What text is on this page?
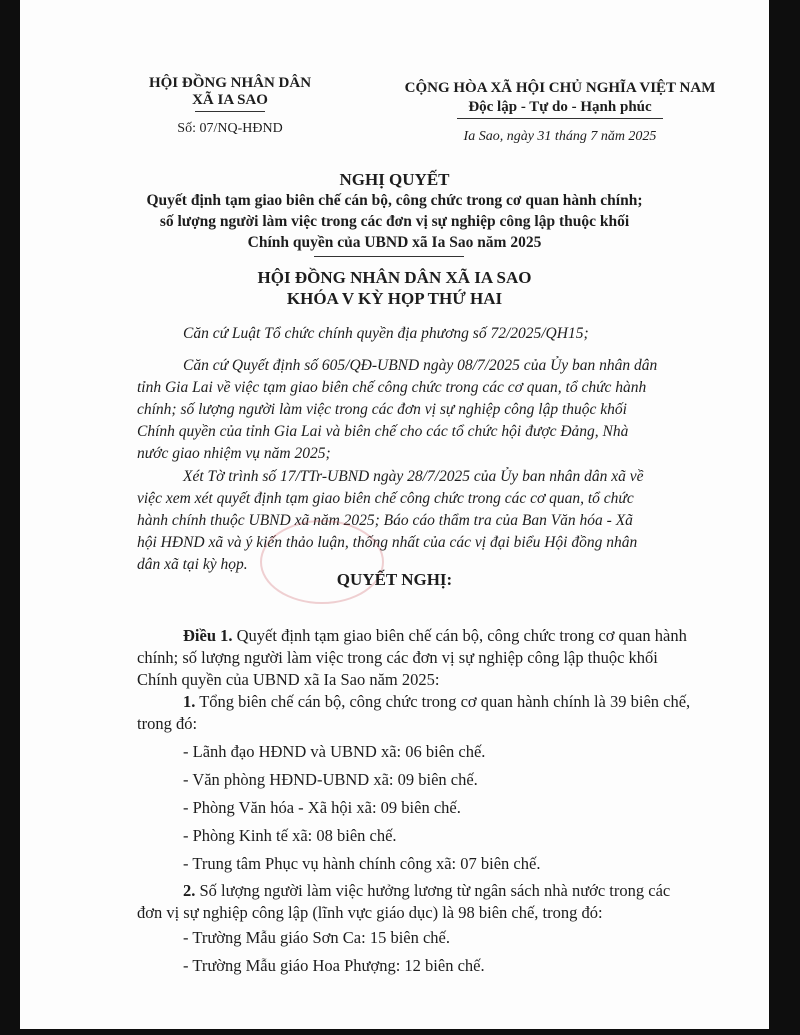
HỘI ĐỒNG NHÂN DÂN
XÃ IA SAO
Số: 07/NQ-HĐND
CỘNG HÒA XÃ HỘI CHỦ NGHĨA VIỆT NAM
Độc lập - Tự do - Hạnh phúc
Ia Sao, ngày 31 tháng 7 năm 2025
NGHỊ QUYẾT
Quyết định tạm giao biên chế cán bộ, công chức trong cơ quan hành chính;
số lượng người làm việc trong các đơn vị sự nghiệp công lập thuộc khối
Chính quyền của UBND xã Ia Sao năm 2025
HỘI ĐỒNG NHÂN DÂN XÃ IA SAO
KHÓA V KỲ HỌP THỨ HAI
Căn cứ Luật Tổ chức chính quyền địa phương số 72/2025/QH15;
Căn cứ Quyết định số 605/QĐ-UBND ngày 08/7/2025 của Ủy ban nhân dân
tỉnh Gia Lai về việc tạm giao biên chế công chức trong các cơ quan, tổ chức hành
chính; số lượng người làm việc trong các đơn vị sự nghiệp công lập thuộc khối
Chính quyền của tỉnh Gia Lai và biên chế cho các tổ chức hội được Đảng, Nhà
nước giao nhiệm vụ năm 2025;
Xét Tờ trình số 17/TTr-UBND ngày 28/7/2025 của Ủy ban nhân dân xã về
việc xem xét quyết định tạm giao biên chế công chức trong các cơ quan, tổ chức
hành chính thuộc UBND xã năm 2025; Báo cáo thẩm tra của Ban Văn hóa - Xã
hội HĐND xã và ý kiến thảo luận, thống nhất của các vị đại biểu Hội đồng nhân
dân xã tại kỳ họp.
QUYẾT NGHỊ:
Điều 1. Quyết định tạm giao biên chế cán bộ, công chức trong cơ quan hành
chính; số lượng người làm việc trong các đơn vị sự nghiệp công lập thuộc khối
Chính quyền của UBND xã Ia Sao năm 2025:
1. Tổng biên chế cán bộ, công chức trong cơ quan hành chính là 39 biên chế,
trong đó:
- Lãnh đạo HĐND và UBND xã: 06 biên chế.
- Văn phòng HĐND-UBND xã: 09 biên chế.
- Phòng Văn hóa - Xã hội xã: 09 biên chế.
- Phòng Kinh tế xã: 08 biên chế.
- Trung tâm Phục vụ hành chính công xã: 07 biên chế.
2. Số lượng người làm việc hưởng lương từ ngân sách nhà nước trong các
đơn vị sự nghiệp công lập (lĩnh vực giáo dục) là 98 biên chế, trong đó:
- Trường Mẫu giáo Sơn Ca: 15 biên chế.
- Trường Mẫu giáo Hoa Phượng: 12 biên chế.
